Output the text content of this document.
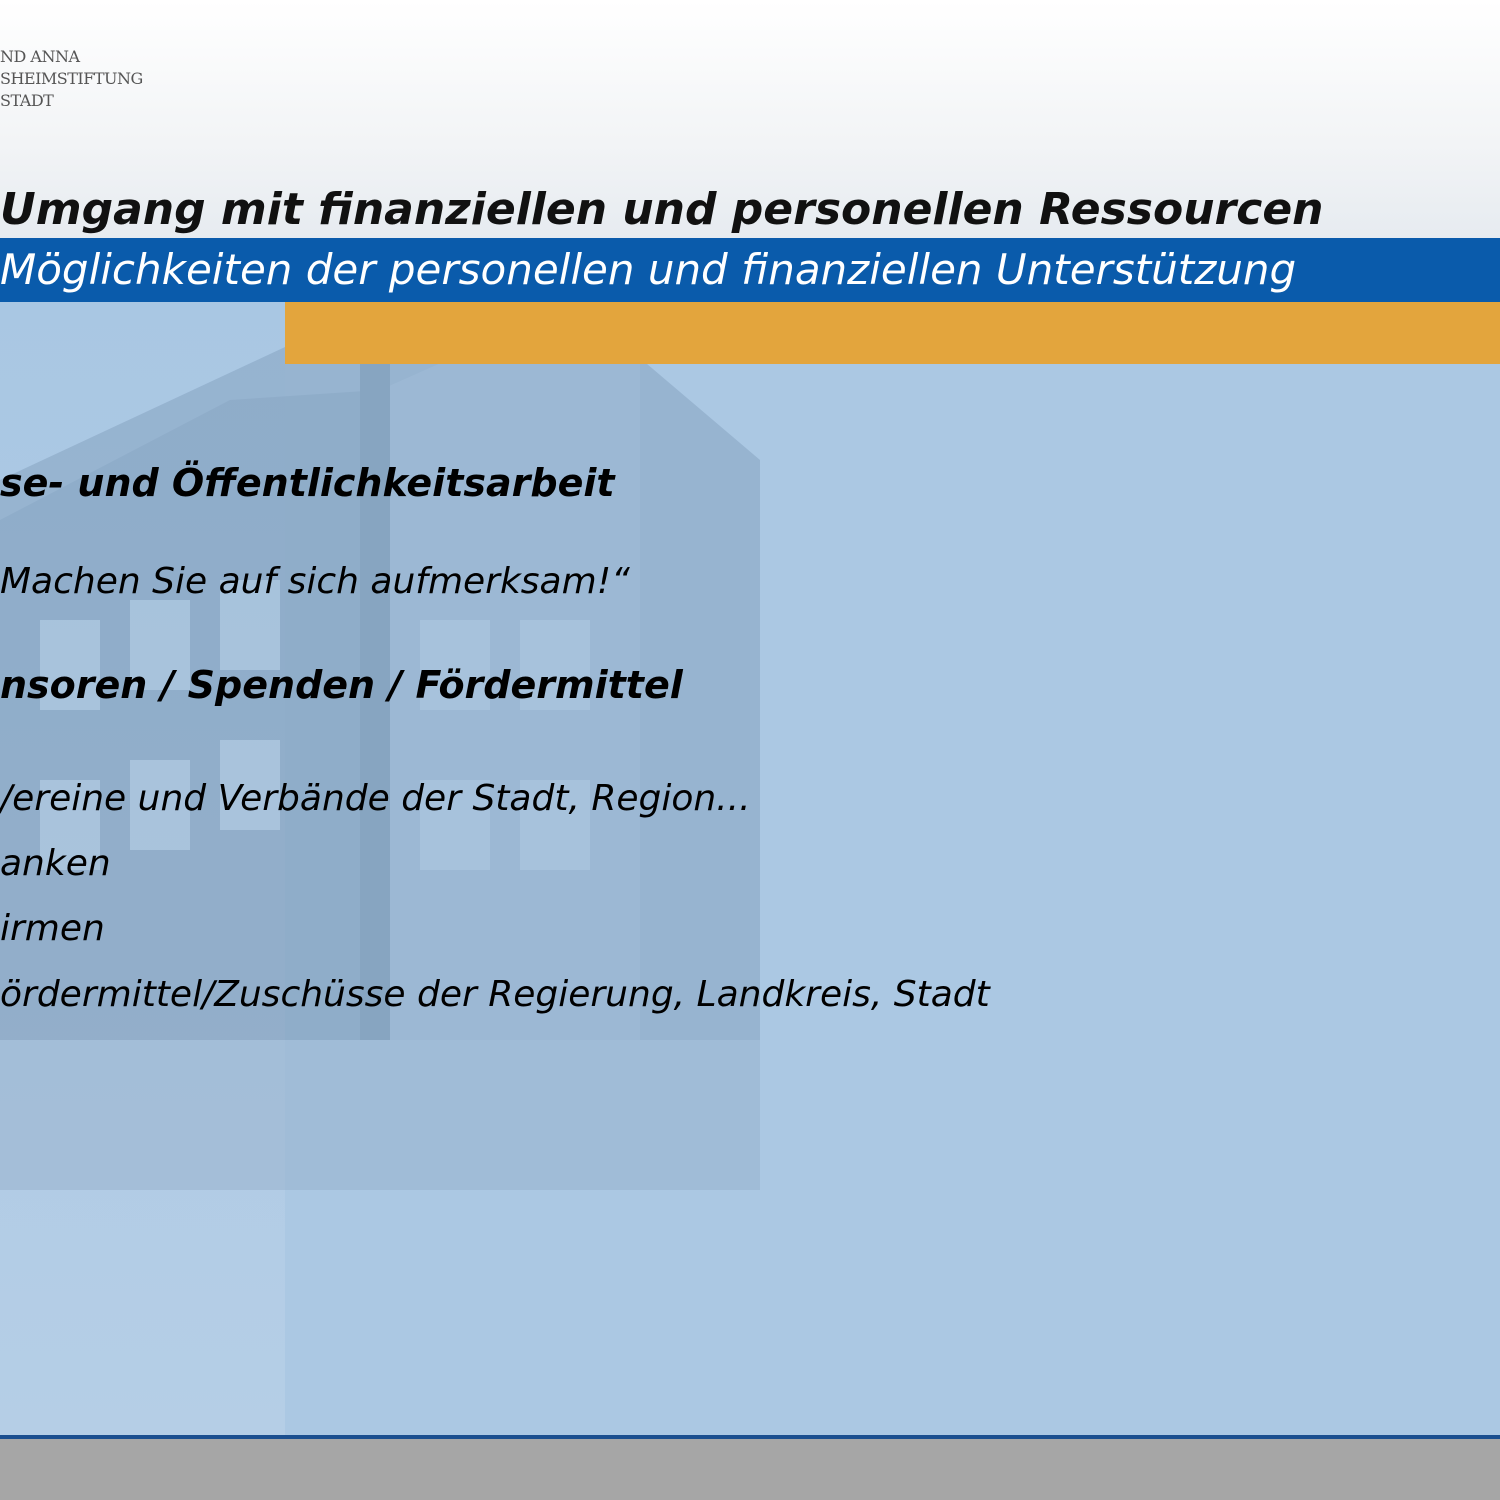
ND ANNA
SHEIMSTIFTUNG
STADT
Umgang mit finanziellen und personellen Ressourcen
Möglichkeiten der personellen und finanziellen Unterstützung
se- und Öffentlichkeitsarbeit
Machen Sie auf sich aufmerksam!“
nsoren / Spenden / Fördermittel
/ereine und Verbände der Stadt, Region...
anken
irmen
ördermittel/Zuschüsse der Regierung, Landkreis, Stadt
